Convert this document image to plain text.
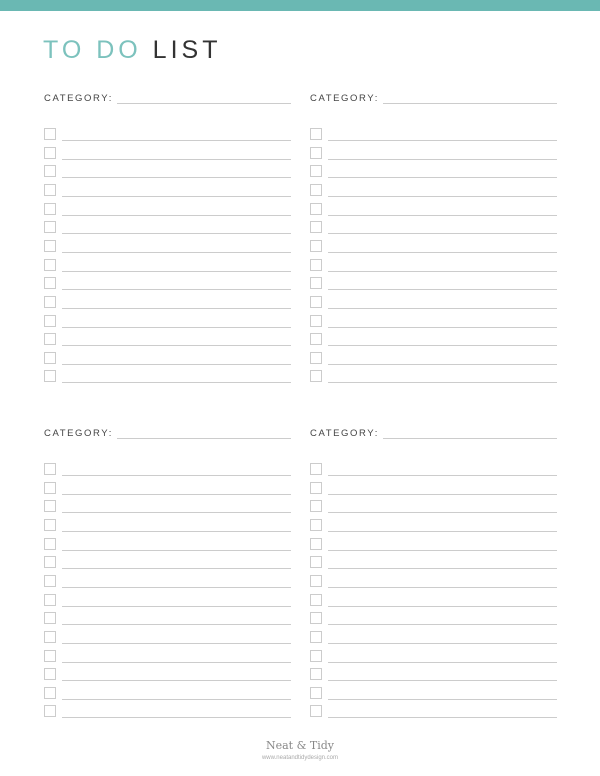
TO DO LIST
CATEGORY:	CATEGORY:
CATEGORY:	CATEGORY:
Neat & Tidy
www.neatandtidydesign.com
